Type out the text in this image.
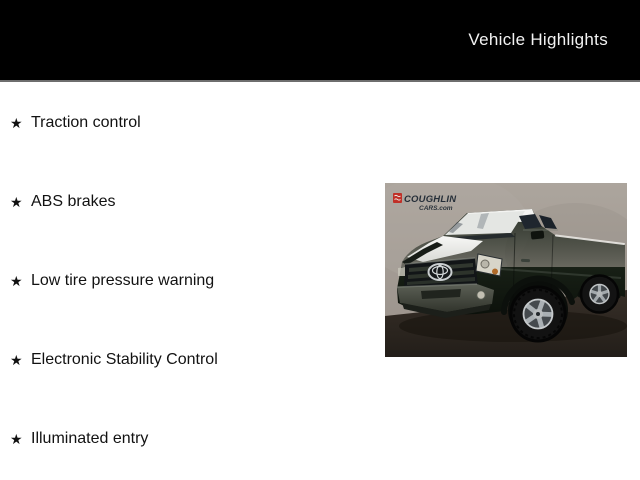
Vehicle Highlights
★ Traction control
★ ABS brakes
★ Low tire pressure warning
★ Electronic Stability Control
★ Illuminated entry
COUGHLIN
CARS.com
